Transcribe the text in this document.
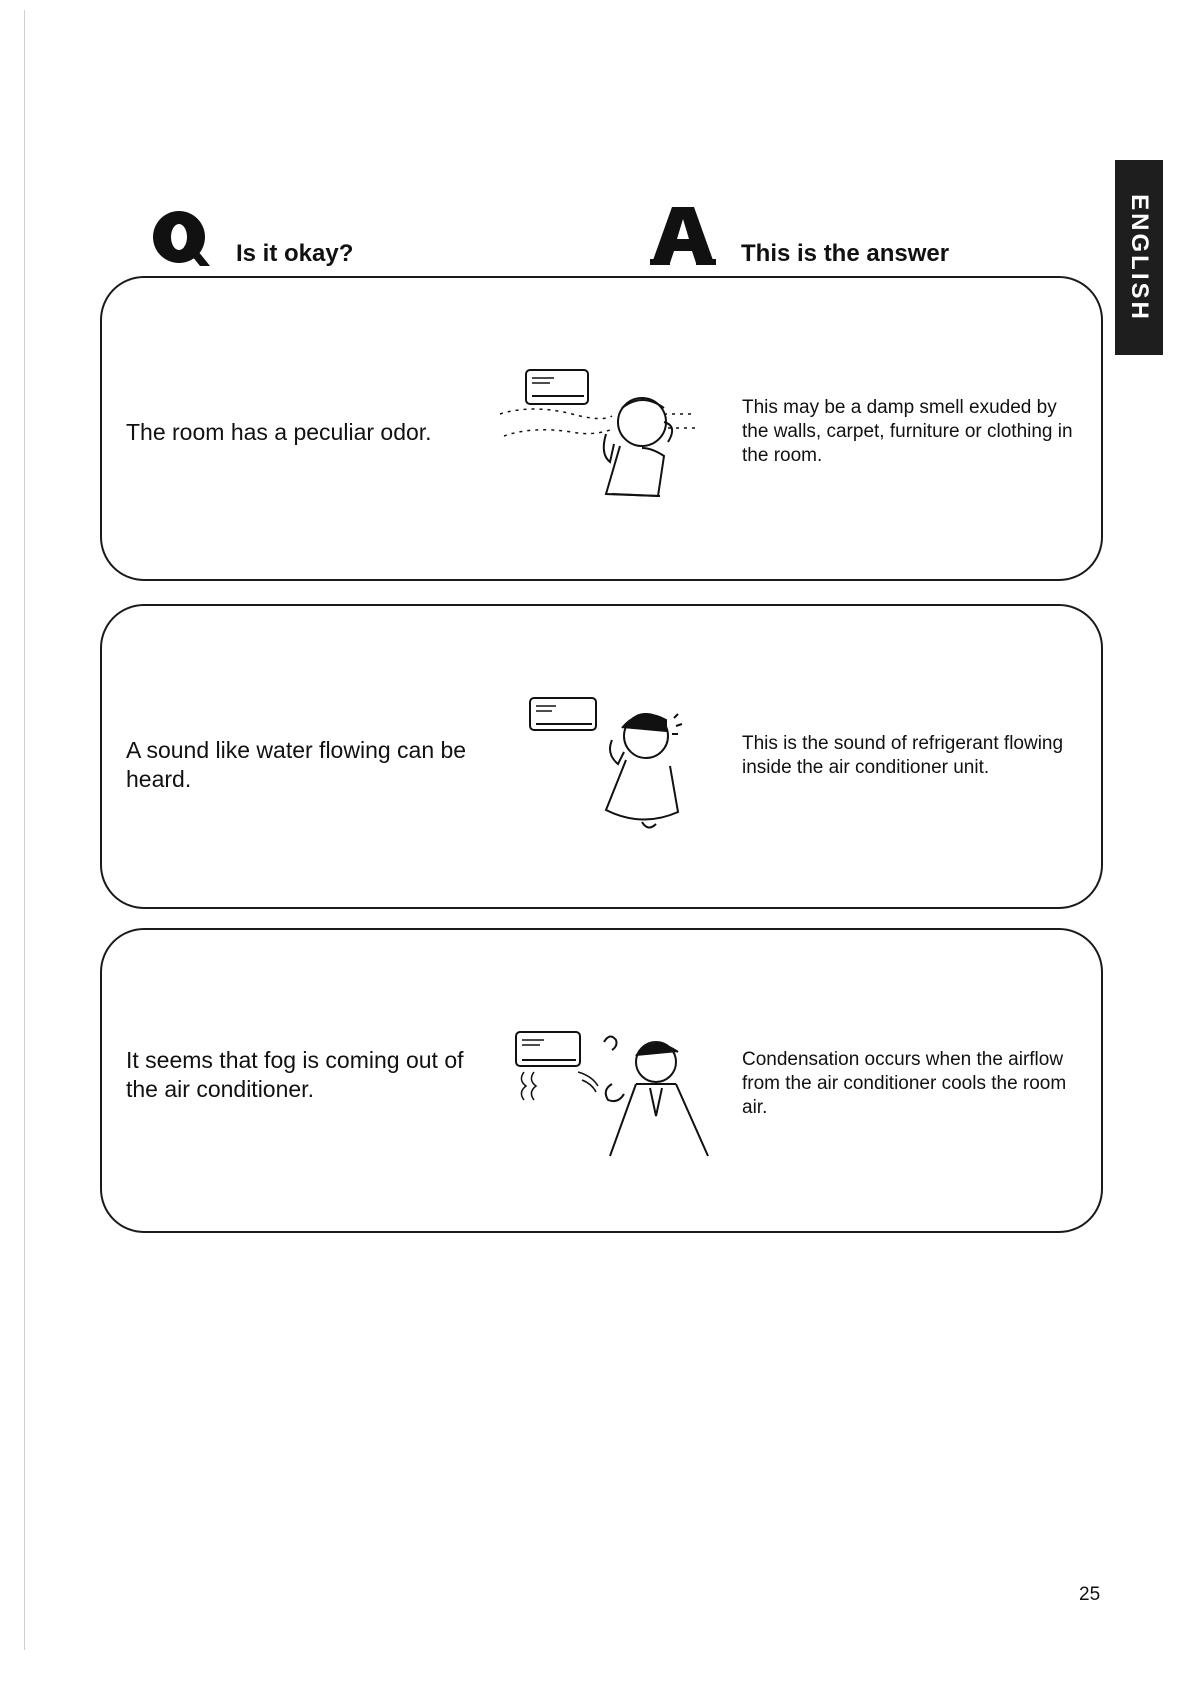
Is it okay?	This is the answer	ENGLISH
The room has a peculiar odor.
This may be a damp smell exuded by the walls, carpet, furniture or clothing in the room.
A sound like water flowing can be heard.
This is the sound of refrigerant flowing inside the air conditioner unit.
It seems that fog is coming out of the air conditioner.
Condensation occurs when the airflow from the air conditioner cools the room air.
25
